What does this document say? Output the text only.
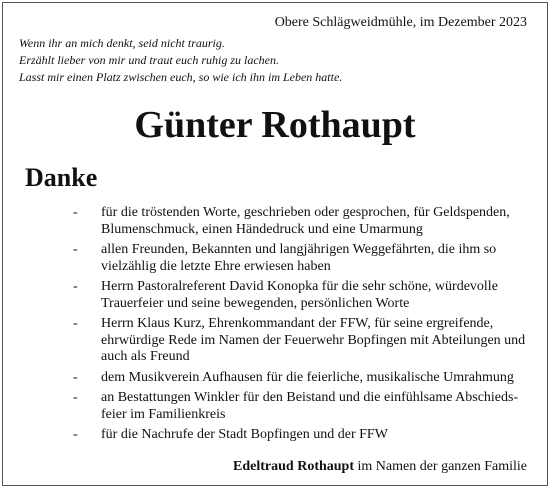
Obere Schlägweidmühle, im Dezember 2023
Wenn ihr an mich denkt, seid nicht traurig.
Erzählt lieber von mir und traut euch ruhig zu lachen.
Lasst mir einen Platz zwischen euch, so wie ich ihn im Leben hatte.
Günter Rothaupt
Danke
- für die tröstenden Worte, geschrieben oder gesprochen, für Geldspenden, Blumenschmuck, einen Händedruck und eine Umarmung
- allen Freunden, Bekannten und langjährigen Weggefährten, die ihm so vielzählig die letzte Ehre erwiesen haben
- Herrn Pastoralreferent David Konopka für die sehr schöne, würdevolle Trauerfeier und seine bewegenden, persönlichen Worte
- Herrn Klaus Kurz, Ehrenkommandant der FFW, für seine ergreifende, ehrwürdige Rede im Namen der Feuerwehr Bopfingen mit Abteilungen und auch als Freund
- dem Musikverein Aufhausen für die feierliche, musikalische Umrahmung
- an Bestattungen Winkler für den Beistand und die einfühlsame Abschieds-feier im Familienkreis
- für die Nachrufe der Stadt Bopfingen und der FFW
Edeltraud Rothaupt im Namen der ganzen Familie
